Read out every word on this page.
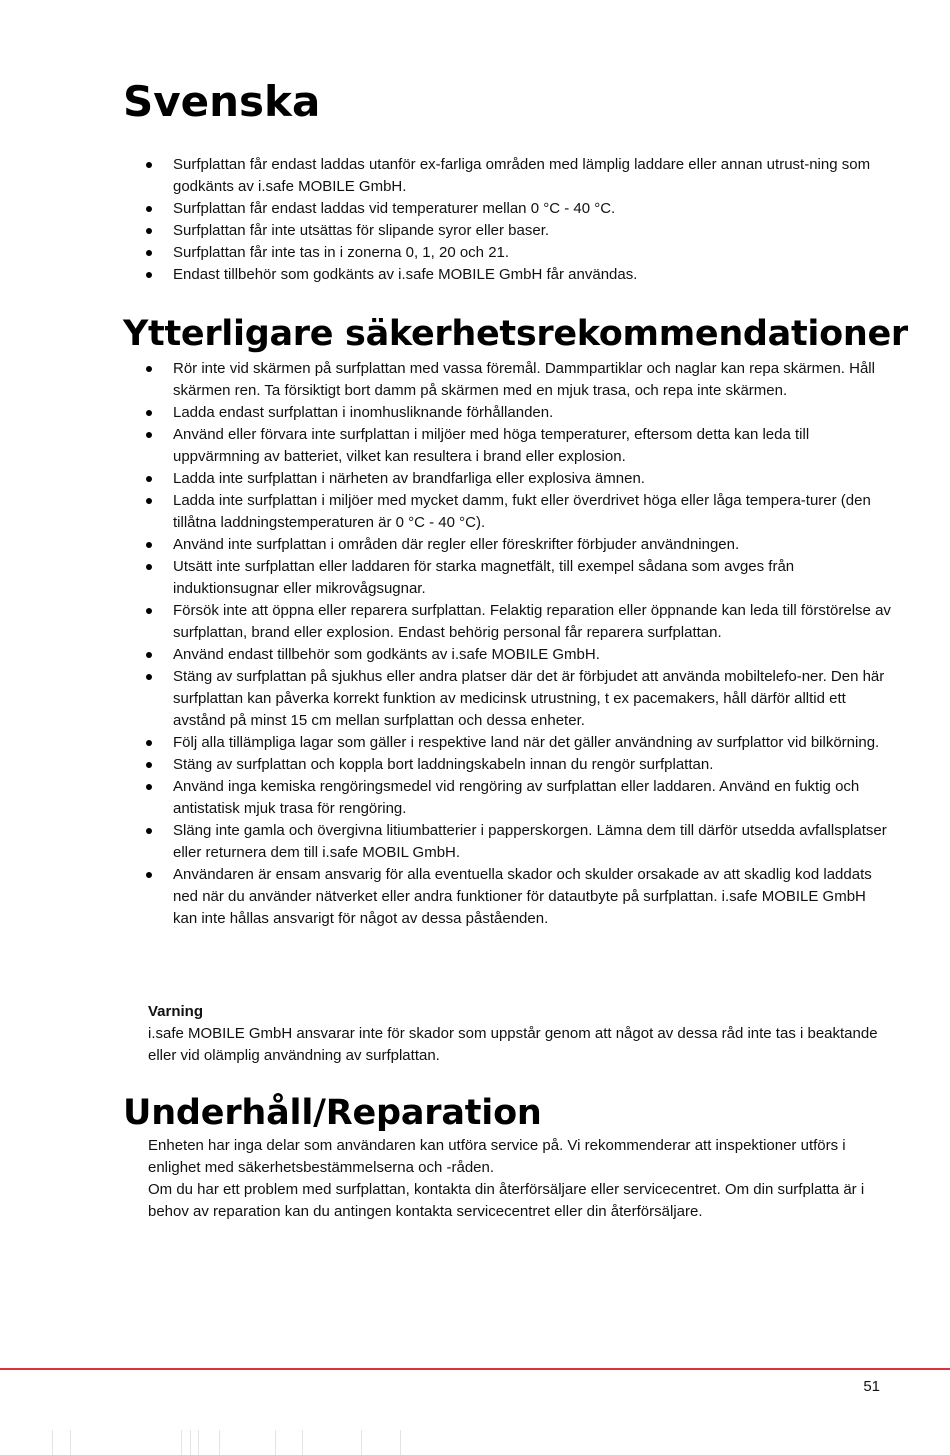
Svenska
Surfplattan får endast laddas utanför ex-farliga områden med lämplig laddare eller annan utrust-ning som godkänts av i.safe MOBILE GmbH.
Surfplattan får endast laddas vid temperaturer mellan 0 °C - 40 °C.
Surfplattan får inte utsättas för slipande syror eller baser.
Surfplattan får inte tas in i zonerna 0, 1, 20 och 21.
Endast tillbehör som godkänts av i.safe MOBILE GmbH får användas.
Ytterligare säkerhetsrekommendationer
Rör inte vid skärmen på surfplattan med vassa föremål. Dammpartiklar och naglar kan repa skärmen. Håll skärmen ren. Ta försiktigt bort damm på skärmen med en mjuk trasa, och repa inte skärmen.
Ladda endast surfplattan i inomhusliknande förhållanden.
Använd eller förvara inte surfplattan i miljöer med höga temperaturer, eftersom detta kan leda till uppvärmning av batteriet, vilket kan resultera i brand eller explosion.
Ladda inte surfplattan i närheten av brandfarliga eller explosiva ämnen.
Ladda inte surfplattan i miljöer med mycket damm, fukt eller överdrivet höga eller låga tempera-turer (den tillåtna laddningstemperaturen är 0 °C - 40 °C).
Använd inte surfplattan i områden där regler eller föreskrifter förbjuder användningen.
Utsätt inte surfplattan eller laddaren för starka magnetfält, till exempel sådana som avges från induktionsugnar eller mikrovågsugnar.
Försök inte att öppna eller reparera surfplattan. Felaktig reparation eller öppnande kan leda till förstörelse av surfplattan, brand eller explosion. Endast behörig personal får reparera surfplattan.
Använd endast tillbehör som godkänts av i.safe MOBILE GmbH.
Stäng av surfplattan på sjukhus eller andra platser där det är förbjudet att använda mobiltelefo-ner. Den här surfplattan kan påverka korrekt funktion av medicinsk utrustning, t ex pacemakers, håll därför alltid ett avstånd på minst 15 cm mellan surfplattan och dessa enheter.
Följ alla tillämpliga lagar som gäller i respektive land när det gäller användning av surfplattor vid bilkörning.
Stäng av surfplattan och koppla bort laddningskabeln innan du rengör surfplattan.
Använd inga kemiska rengöringsmedel vid rengöring av surfplattan eller laddaren. Använd en fuktig och antistatisk mjuk trasa för rengöring.
Släng inte gamla och övergivna litiumbatterier i papperskorgen. Lämna dem till därför utsedda avfallsplatser eller returnera dem till i.safe MOBIL GmbH.
Användaren är ensam ansvarig för alla eventuella skador och skulder orsakade av att skadlig kod laddats ned när du använder nätverket eller andra funktioner för datautbyte på surfplattan. i.safe MOBILE GmbH kan inte hållas ansvarigt för något av dessa påståenden.
Varning
i.safe MOBILE GmbH ansvarar inte för skador som uppstår genom att något av dessa råd inte tas i beaktande eller vid olämplig användning av surfplattan.
Underhåll/Reparation

Enheten har inga delar som användaren kan utföra service på. Vi rekommenderar att inspektioner utförs i enlighet med säkerhetsbestämmelserna och -råden.

Om du har ett problem med surfplattan, kontakta din återförsäljare eller servicecentret. Om din surfplatta är i behov av reparation kan du antingen kontakta servicecentret eller din återförsäljare.

51
